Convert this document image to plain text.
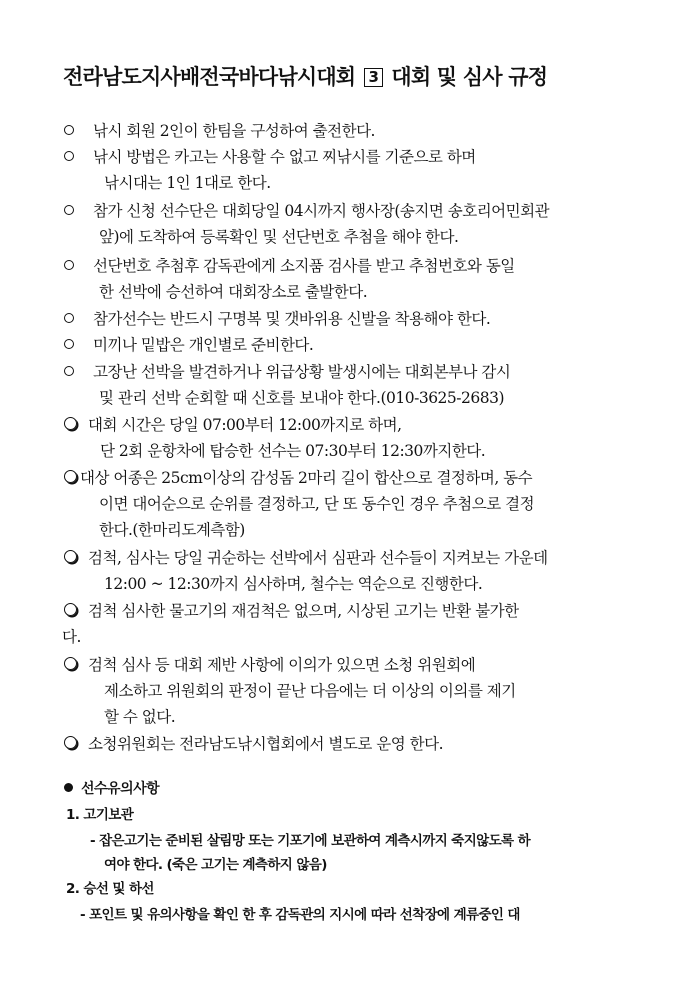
전라남도지사배전국바다낚시대회 3 대회 및 심사 규정
낚시 회원 2인이 한팀을 구성하여 출전한다.
낚시 방법은 카고는 사용할 수 없고 찌낚시를 기준으로 하며
낚시대는 1인 1대로 한다.
참가 신청 선수단은 대회당일 04시까지 행사장(송지면 송호리어민회관
앞)에 도착하여 등록확인 및 선단번호 추첨을 해야 한다.
선단번호 추첨후 감독관에게 소지품 검사를 받고 추첨번호와 동일
한 선박에 승선하여 대회장소로 출발한다.
참가선수는 반드시 구명복 및 갯바위용 신발을 착용해야 한다.
미끼나 밑밥은 개인별로 준비한다.
고장난 선박을 발견하거나 위급상황 발생시에는 대회본부나 감시
및 관리 선박 순회할 때 신호를 보내야 한다.(010-3625-2683)
대회 시간은 당일 07:00부터 12:00까지로 하며,
단 2회 운항차에 탑승한 선수는 07:30부터 12:30까지한다.
대상 어종은 25cm이상의 감성돔 2마리 길이 합산으로 결정하며, 동수
이면 대어순으로 순위를 결정하고, 단 또 동수인 경우 추첨으로 결정
한다.(한마리도계측함)
검척, 심사는 당일 귀순하는 선박에서 심판과 선수들이 지켜보는 가운데
12:00 ~ 12:30까지 심사하며, 철수는 역순으로 진행한다.
검척 심사한 물고기의 재검척은 없으며, 시상된 고기는 반환 불가한
다.
검척 심사 등 대회 제반 사항에 이의가 있으면 소청 위원회에
제소하고 위원회의 판정이 끝난 다음에는 더 이상의 이의를 제기
할 수 없다.
소청위원회는 전라남도낚시협회에서 별도로 운영 한다.
선수유의사항
1. 고기보관
- 잡은고기는 준비된 살림망 또는 기포기에 보관하여 계측시까지 죽지않도록 하
여야 한다. (죽은 고기는 계측하지 않음)
2. 승선 및 하선
- 포인트 및 유의사항을 확인 한 후 감독관의 지시에 따라 선착장에 계류중인 대
